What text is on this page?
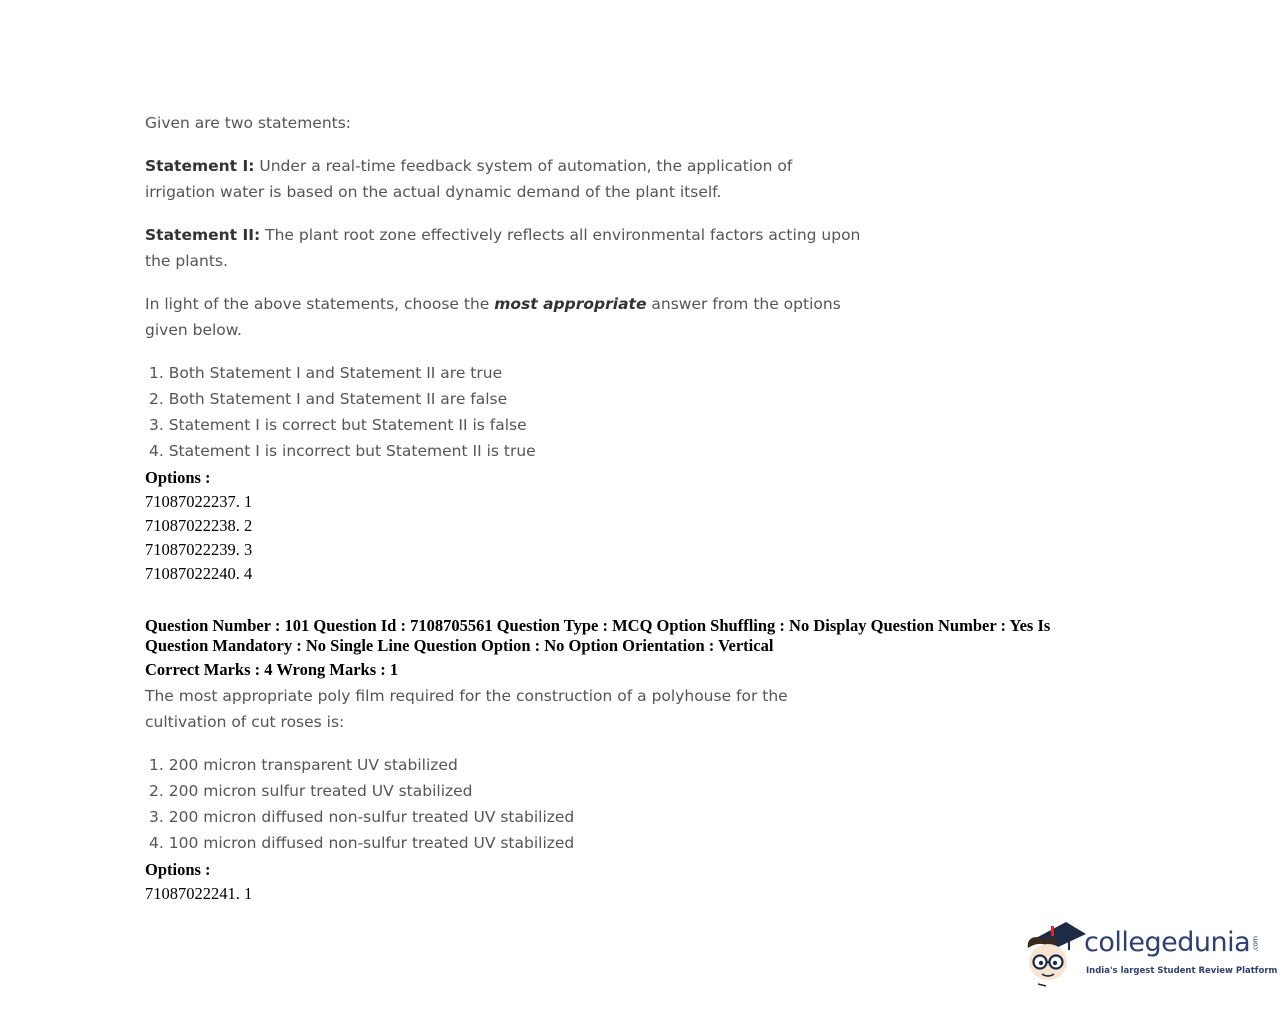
Given are two statements:

Statement I: Under a real-time feedback system of automation, the application of irrigation water is based on the actual dynamic demand of the plant itself.

Statement II: The plant root zone effectively reflects all environmental factors acting upon the plants.

In light of the above statements, choose the most appropriate answer from the options given below.

1. Both Statement I and Statement II are true
2. Both Statement I and Statement II are false
3. Statement I is correct but Statement II is false
4. Statement I is incorrect but Statement II is true
Options :
71087022237. 1
71087022238. 2
71087022239. 3
71087022240. 4
Question Number : 101 Question Id : 7108705561 Question Type : MCQ Option Shuffling : No Display Question Number : Yes Is Question Mandatory : No Single Line Question Option : No Option Orientation : Vertical
Correct Marks : 4 Wrong Marks : 1

The most appropriate poly film required for the construction of a polyhouse for the cultivation of cut roses is:

1. 200 micron transparent UV stabilized
2. 200 micron sulfur treated UV stabilized
3. 200 micron diffused non-sulfur treated UV stabilized
4. 100 micron diffused non-sulfur treated UV stabilized
Options :
71087022241. 1
collegedunia .com
India's largest Student Review Platform
